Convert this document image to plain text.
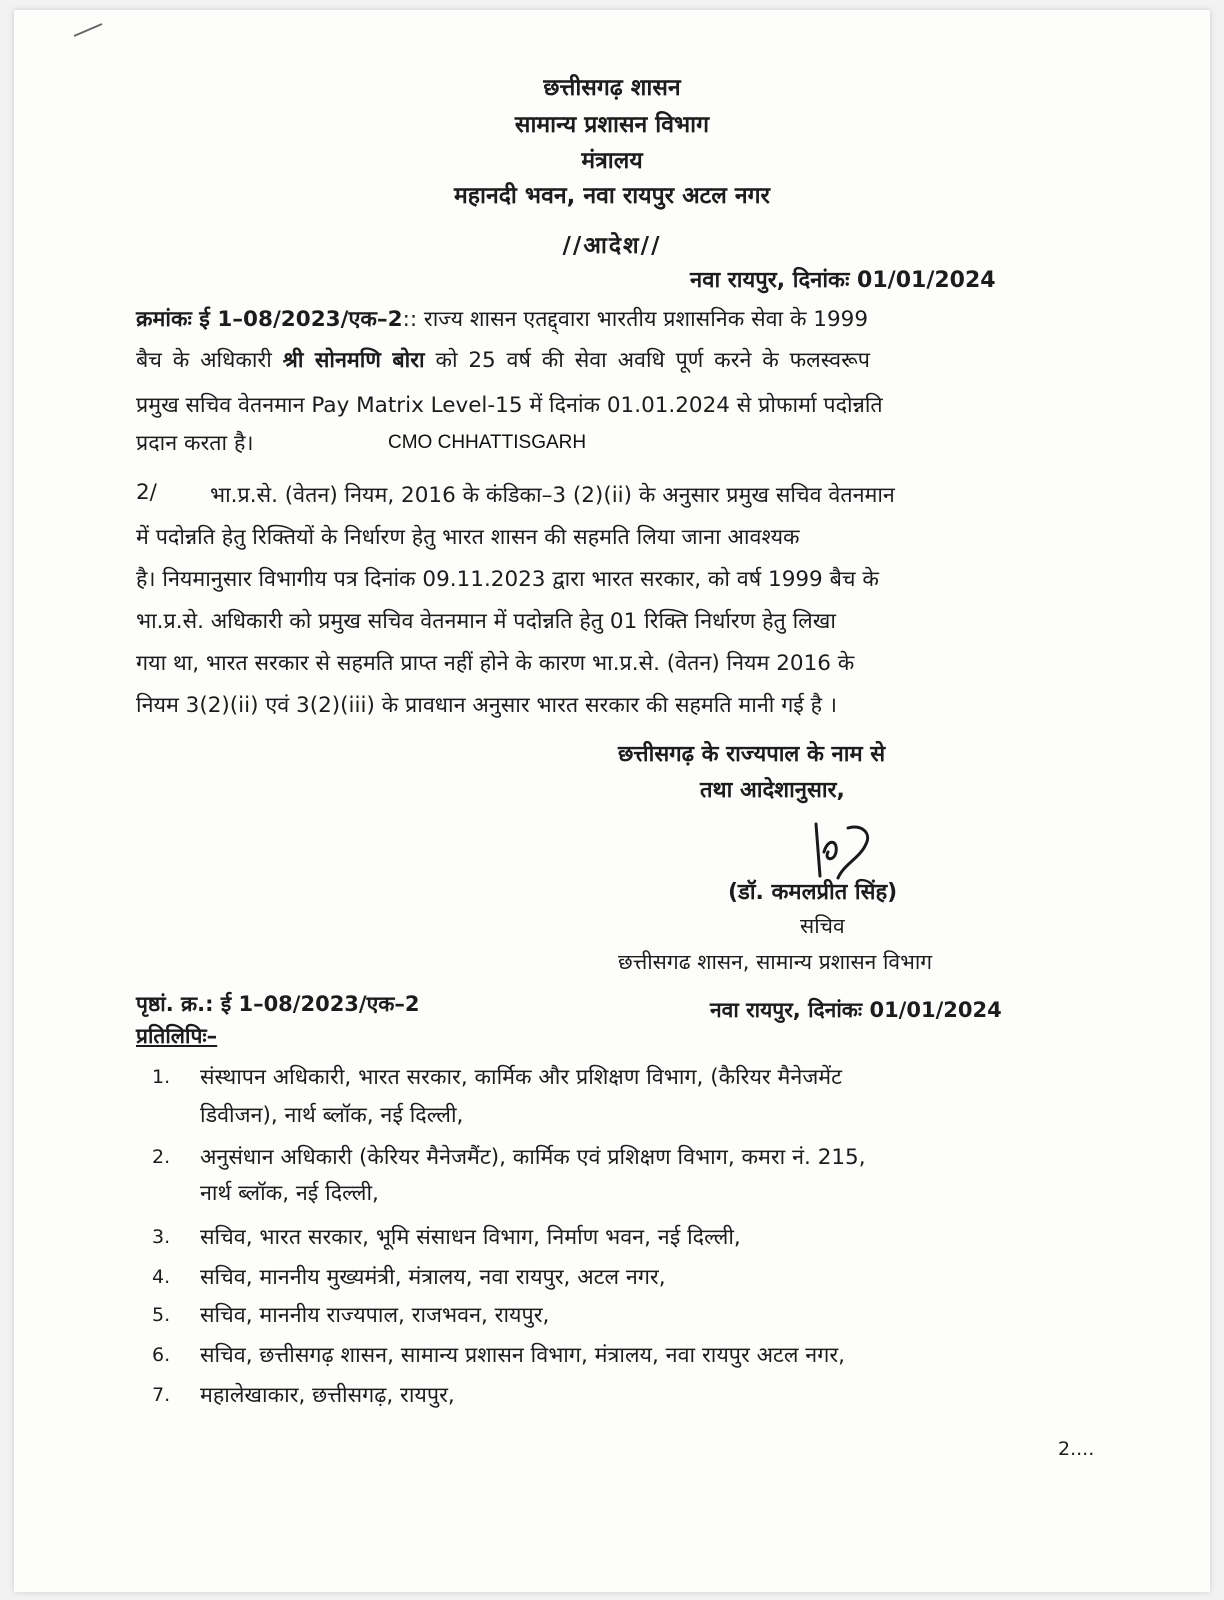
छत्तीसगढ़ शासन
सामान्य प्रशासन विभाग
मंत्रालय
महानदी भवन, नवा रायपुर अटल नगर
//आदेश//
नवा रायपुर, दिनांकः 01/01/2024
क्रमांकः ई 1–08/2023/एक–2:: राज्य शासन एतद्द्वारा भारतीय प्रशासनिक सेवा के 1999
बैच के अधिकारी श्री सोनमणि बोरा को 25 वर्ष की सेवा अवधि पूर्ण करने के फलस्वरूप
प्रमुख सचिव वेतनमान Pay Matrix Level-15 में दिनांक 01.01.2024 से प्रोफार्मा पदोन्नति
प्रदान करता है।	CMO CHHATTISGARH
2/ भा.प्र.से. (वेतन) नियम, 2016 के कंडिका–3 (2)(ii) के अनुसार प्रमुख सचिव वेतनमान
में पदोन्नति हेतु रिक्तियों के निर्धारण हेतु भारत शासन की सहमति लिया जाना आवश्यक
है। नियमानुसार विभागीय पत्र दिनांक 09.11.2023 द्वारा भारत सरकार, को वर्ष 1999 बैच के
भा.प्र.से. अधिकारी को प्रमुख सचिव वेतनमान में पदोन्नति हेतु 01 रिक्ति निर्धारण हेतु लिखा
गया था, भारत सरकार से सहमति प्राप्त नहीं होने के कारण भा.प्र.से. (वेतन) नियम 2016 के
नियम 3(2)(ii) एवं 3(2)(iii) के प्रावधान अनुसार भारत सरकार की सहमति मानी गई है ।
छत्तीसगढ़ के राज्यपाल के नाम से
तथा आदेशानुसार,
(डॉ. कमलप्रीत सिंह)
सचिव
छत्तीसगढ शासन, सामान्य प्रशासन विभाग
पृष्ठां. क्र.: ई 1–08/2023/एक–2	नवा रायपुर, दिनांकः 01/01/2024
प्रतिलिपिः–
1. संस्थापन अधिकारी, भारत सरकार, कार्मिक और प्रशिक्षण विभाग, (कैरियर मैनेजमेंट
डिवीजन), नार्थ ब्लॉक, नई दिल्ली,
2. अनुसंधान अधिकारी (केरियर मैनेजमैंट), कार्मिक एवं प्रशिक्षण विभाग, कमरा नं. 215,
नार्थ ब्लॉक, नई दिल्ली,
3. सचिव, भारत सरकार, भूमि संसाधन विभाग, निर्माण भवन, नई दिल्ली,
4. सचिव, माननीय मुख्यमंत्री, मंत्रालय, नवा रायपुर, अटल नगर,
5. सचिव, माननीय राज्यपाल, राजभवन, रायपुर,
6. सचिव, छत्तीसगढ़ शासन, सामान्य प्रशासन विभाग, मंत्रालय, नवा रायपुर अटल नगर,
7. महालेखाकार, छत्तीसगढ़, रायपुर,
2....
